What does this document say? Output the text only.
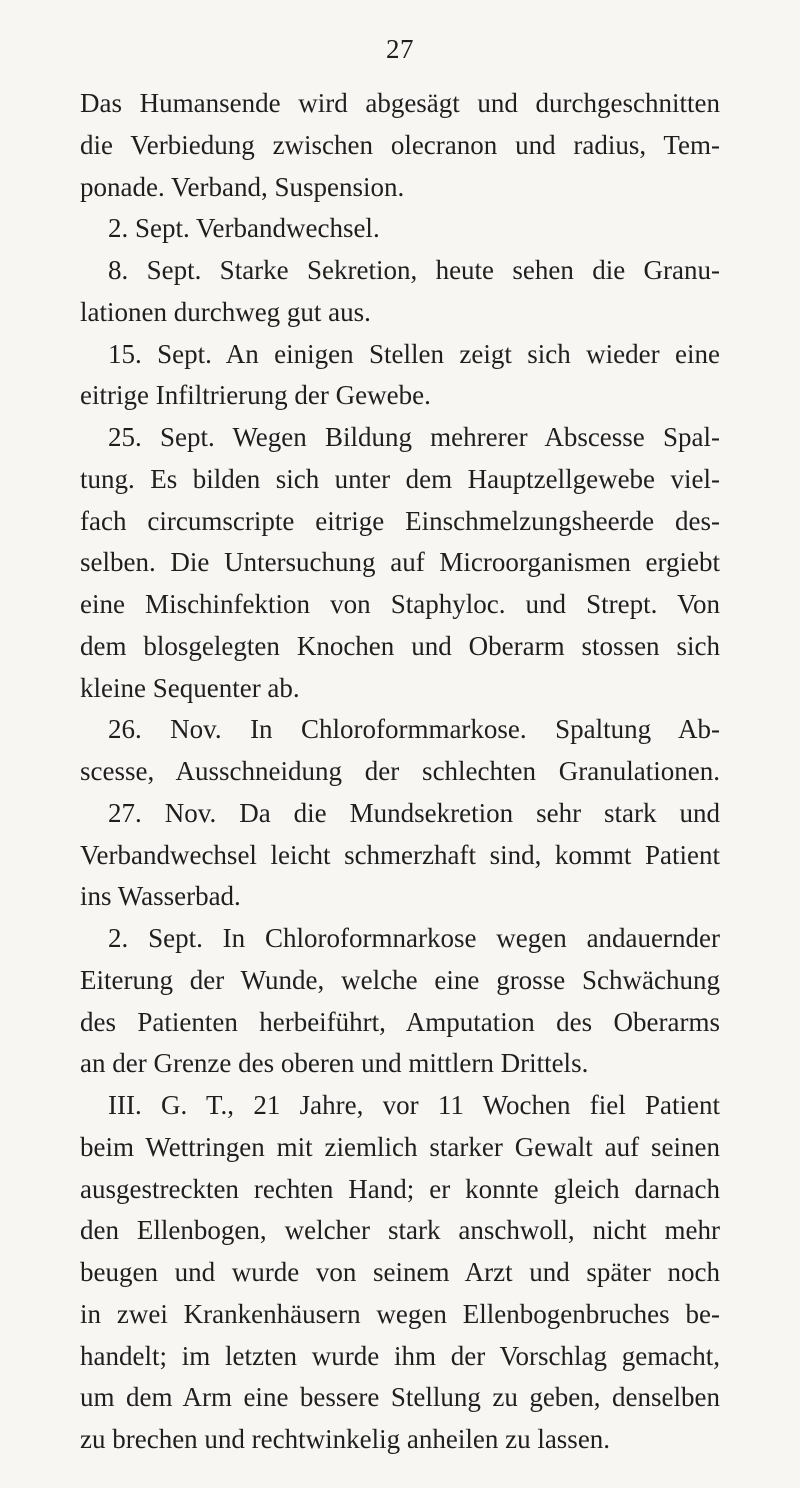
27
Das Humansende wird abgesägt und durchgeschnitten
die Verbiedung zwischen olecranon und radius, Tem-
ponade. Verband, Suspension.
2. Sept. Verbandwechsel.
8. Sept. Starke Sekretion, heute sehen die Granu-
lationen durchweg gut aus.
15. Sept. An einigen Stellen zeigt sich wieder eine
eitrige Infiltrierung der Gewebe.
25. Sept. Wegen Bildung mehrerer Abscesse Spal-
tung. Es bilden sich unter dem Hauptzellgewebe viel-
fach circumscripte eitrige Einschmelzungsheerde des-
selben. Die Untersuchung auf Microorganismen ergiebt
eine Mischinfektion von Staphyloc. und Strept. Von
dem blosgelegten Knochen und Oberarm stossen sich
kleine Sequenter ab.
26. Nov. In Chloroformmarkose. Spaltung Ab-
scesse, Ausschneidung der schlechten Granulationen.
27. Nov. Da die Mundsekretion sehr stark und
Verbandwechsel leicht schmerzhaft sind, kommt Patient
ins Wasserbad.
2. Sept. In Chloroformnarkose wegen andauernder
Eiterung der Wunde, welche eine grosse Schwächung
des Patienten herbeiführt, Amputation des Oberarms
an der Grenze des oberen und mittlern Drittels.
III. G. T., 21 Jahre, vor 11 Wochen fiel Patient
beim Wettringen mit ziemlich starker Gewalt auf seinen
ausgestreckten rechten Hand; er konnte gleich darnach
den Ellenbogen, welcher stark anschwoll, nicht mehr
beugen und wurde von seinem Arzt und später noch
in zwei Krankenhäusern wegen Ellenbogenbruches be-
handelt; im letzten wurde ihm der Vorschlag gemacht,
um dem Arm eine bessere Stellung zu geben, denselben
zu brechen und rechtwinkelig anheilen zu lassen.
